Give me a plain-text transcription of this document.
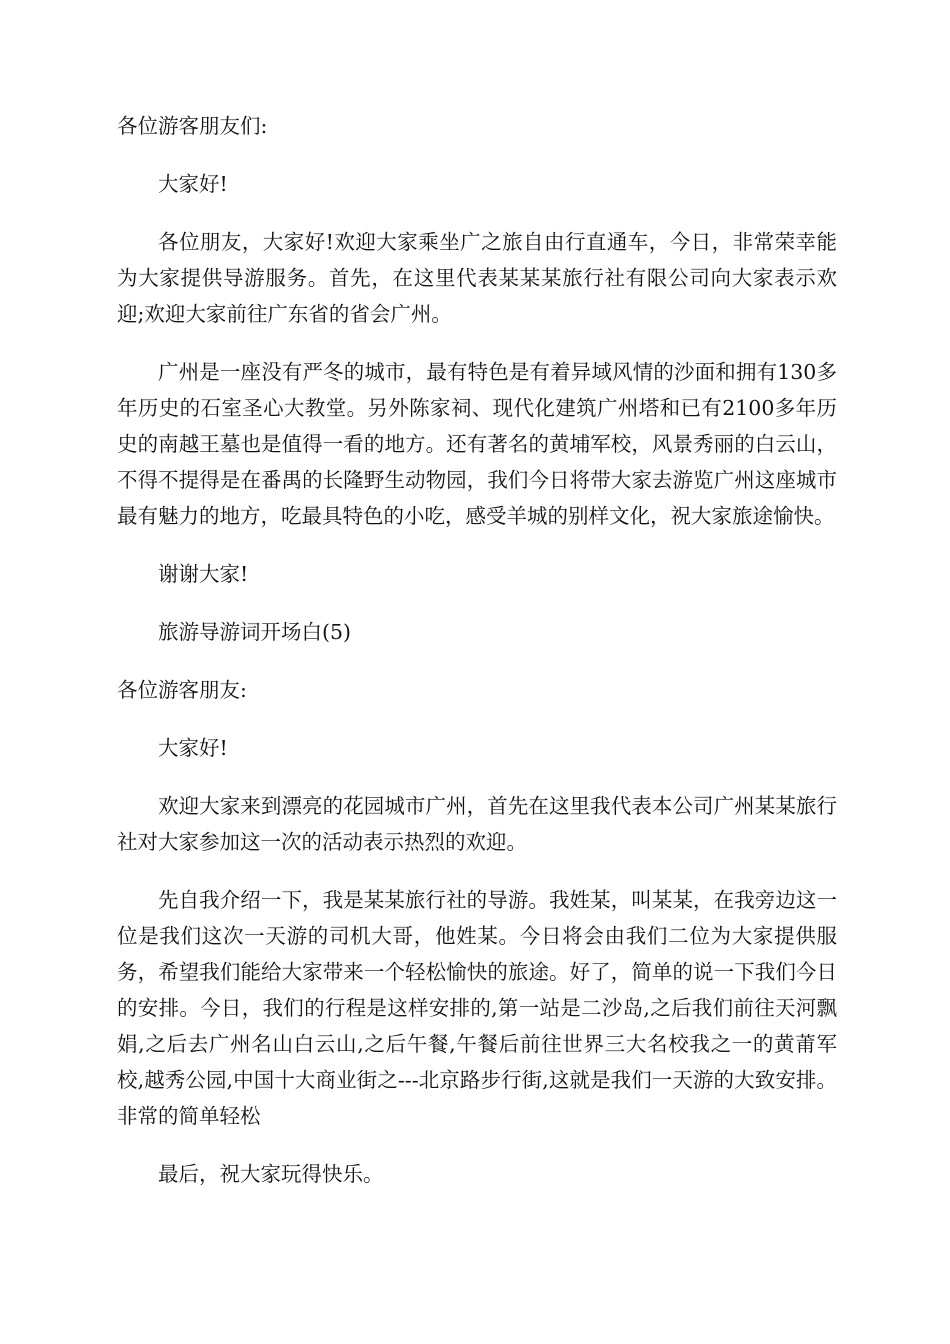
各位游客朋友们:

大家好!

各位朋友，大家好!欢迎大家乘坐广之旅自由行直通车，今日，非常荣幸能为大家提供导游服务。首先，在这里代表某某某旅行社有限公司向大家表示欢迎;欢迎大家前往广东省的省会广州。

广州是一座没有严冬的城市，最有特色是有着异域风情的沙面和拥有130多年历史的石室圣心大教堂。另外陈家祠、现代化建筑广州塔和已有2100多年历史的南越王墓也是值得一看的地方。还有著名的黄埔军校，风景秀丽的白云山，不得不提得是在番禺的长隆野生动物园，我们今日将带大家去游览广州这座城市最有魅力的地方，吃最具特色的小吃，感受羊城的别样文化，祝大家旅途愉快。

谢谢大家!

旅游导游词开场白(5)

各位游客朋友:

大家好!

欢迎大家来到漂亮的花园城市广州，首先在这里我代表本公司广州某某旅行社对大家参加这一次的活动表示热烈的欢迎。

先自我介绍一下，我是某某旅行社的导游。我姓某，叫某某，在我旁边这一位是我们这次一天游的司机大哥，他姓某。今日将会由我们二位为大家提供服务，希望我们能给大家带来一个轻松愉快的旅途。好了，简单的说一下我们今日的安排。今日，我们的行程是这样安排的,第一站是二沙岛,之后我们前往天河飘娟,之后去广州名山白云山,之后午餐,午餐后前往世界三大名校我之一的黄莆军校,越秀公园,中国十大商业街之---北京路步行街,这就是我们一天游的大致安排。非常的简单轻松

最后，祝大家玩得快乐。
